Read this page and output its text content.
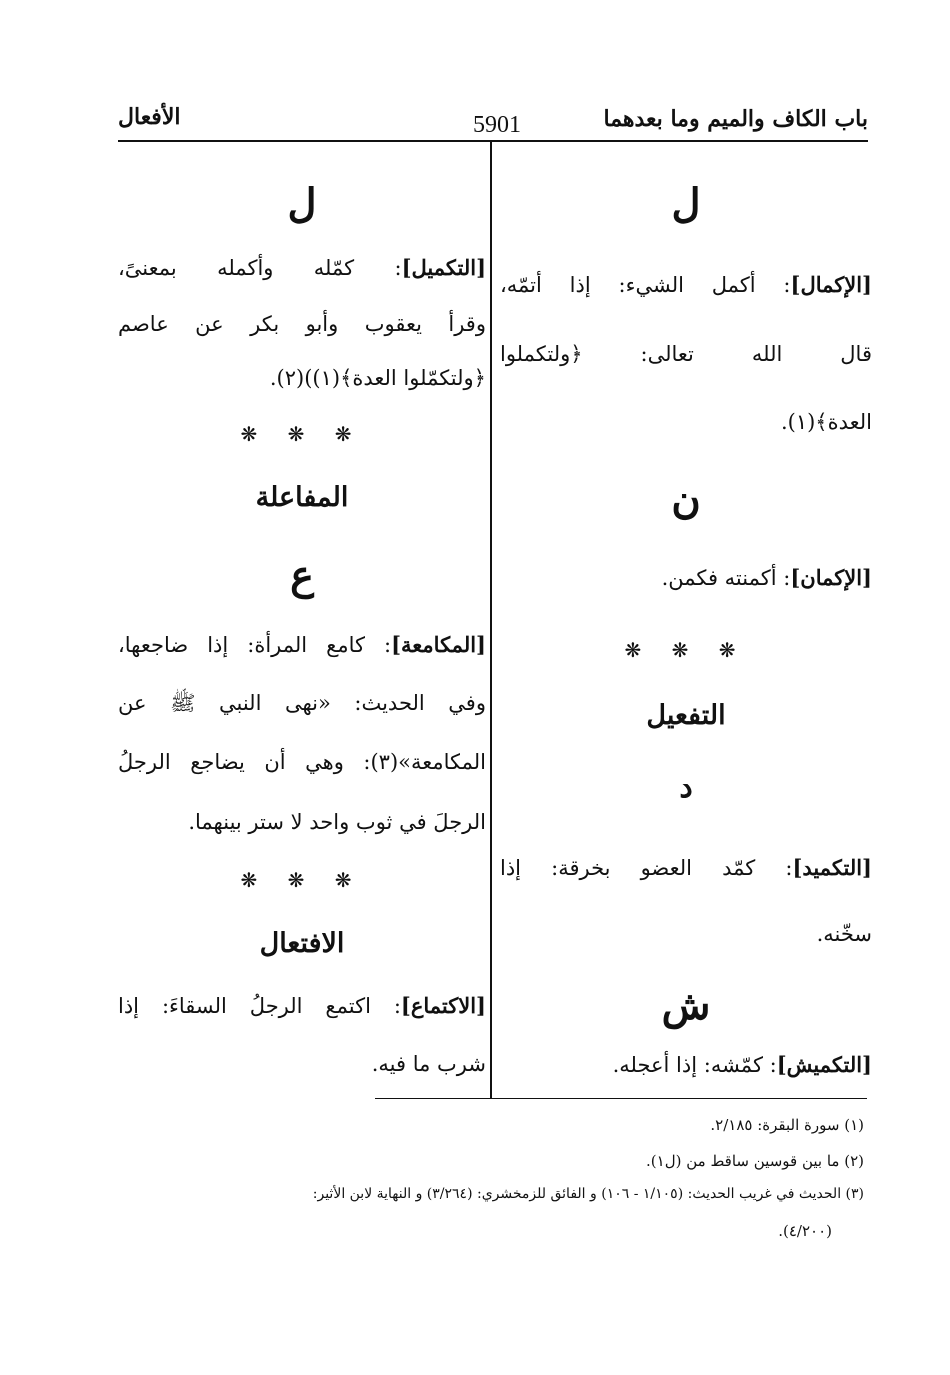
باب الكاف والميم وما بعدهما
5901
الأفعال
ل
[الإكمال]: أكمل الشيء: إذا أتمّه،
قال الله تعالى: ﴿ولتكملوا
العدة﴾(١).
ن
[الإكمان]: أكمنته فكمن.
❋ ❋ ❋
التفعيل
د
[التكميد]: كمّد العضو بخرقة: إذا
سخّنه.
ش
[التكميش]: كمّشه: إذا أعجله.
ل
[التكميل]: كمّله وأكمله بمعنىً،
وقرأ يعقوب وأبو بكر عن عاصم
﴿ولتكمّلوا العدة﴾(١))(٢).
❋ ❋ ❋
المفاعلة
ع
[المكامعة]: كامع المرأة: إذا ضاجعها،
وفي الحديث: «نهى النبي ﷺ عن
المكامعة»(٣): وهي أن يضاجع الرجلُ
الرجلَ في ثوب واحد لا ستر بينهما.
❋ ❋ ❋
الافتعال
[الاكتماع]: اكتمع الرجلُ السقاءَ: إذا
شرب ما فيه.
(١) سورة البقرة: ٢/١٨٥.
(٢) ما بين قوسين ساقط من (ل١).
(٣) الحديث في غريب الحديث: (١/١٠٥ - ١٠٦) و الفائق للزمخشري: (٣/٢٦٤) و النهاية لابن الأثير:
(٤/٢٠٠).
